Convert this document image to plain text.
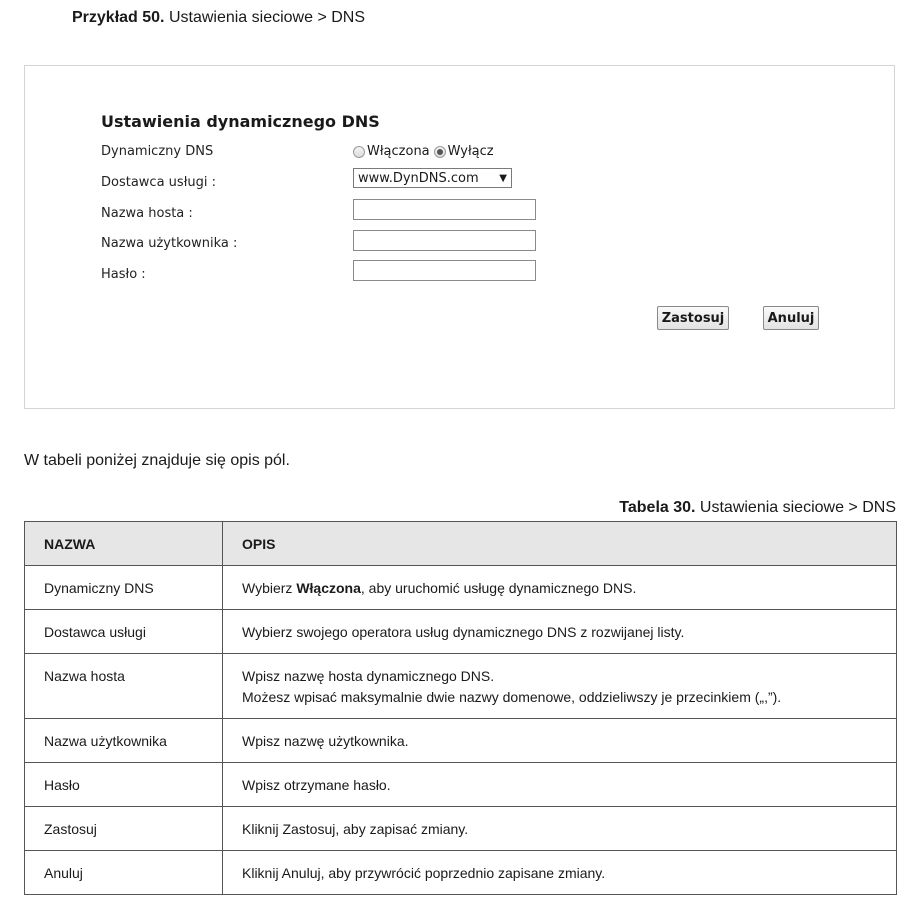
Przykład 50. Ustawienia sieciowe > DNS
Ustawienia dynamicznego DNS
Dynamiczny DNS	Włączona Wyłącz
Dostawca usługi :	www.DynDNS.com ▼
Nazwa hosta :
Nazwa użytkownika :
Hasło :
Zastosuj	Anuluj
W tabeli poniżej znajduje się opis pól.
Tabela 30. Ustawienia sieciowe > DNS
NAZWA	OPIS
Dynamiczny DNS	Wybierz Włączona, aby uruchomić usługę dynamicznego DNS.
Dostawca usługi	Wybierz swojego operatora usług dynamicznego DNS z rozwijanej listy.
Nazwa hosta	Wpisz nazwę hosta dynamicznego DNS.
Możesz wpisać maksymalnie dwie nazwy domenowe, oddzieliwszy je przecinkiem („,”).

Nazwa użytkownika	Wpisz nazwę użytkownika.
Hasło	Wpisz otrzymane hasło.
Zastosuj	Kliknij Zastosuj, aby zapisać zmiany.
Anuluj	Kliknij Anuluj, aby przywrócić poprzednio zapisane zmiany.
